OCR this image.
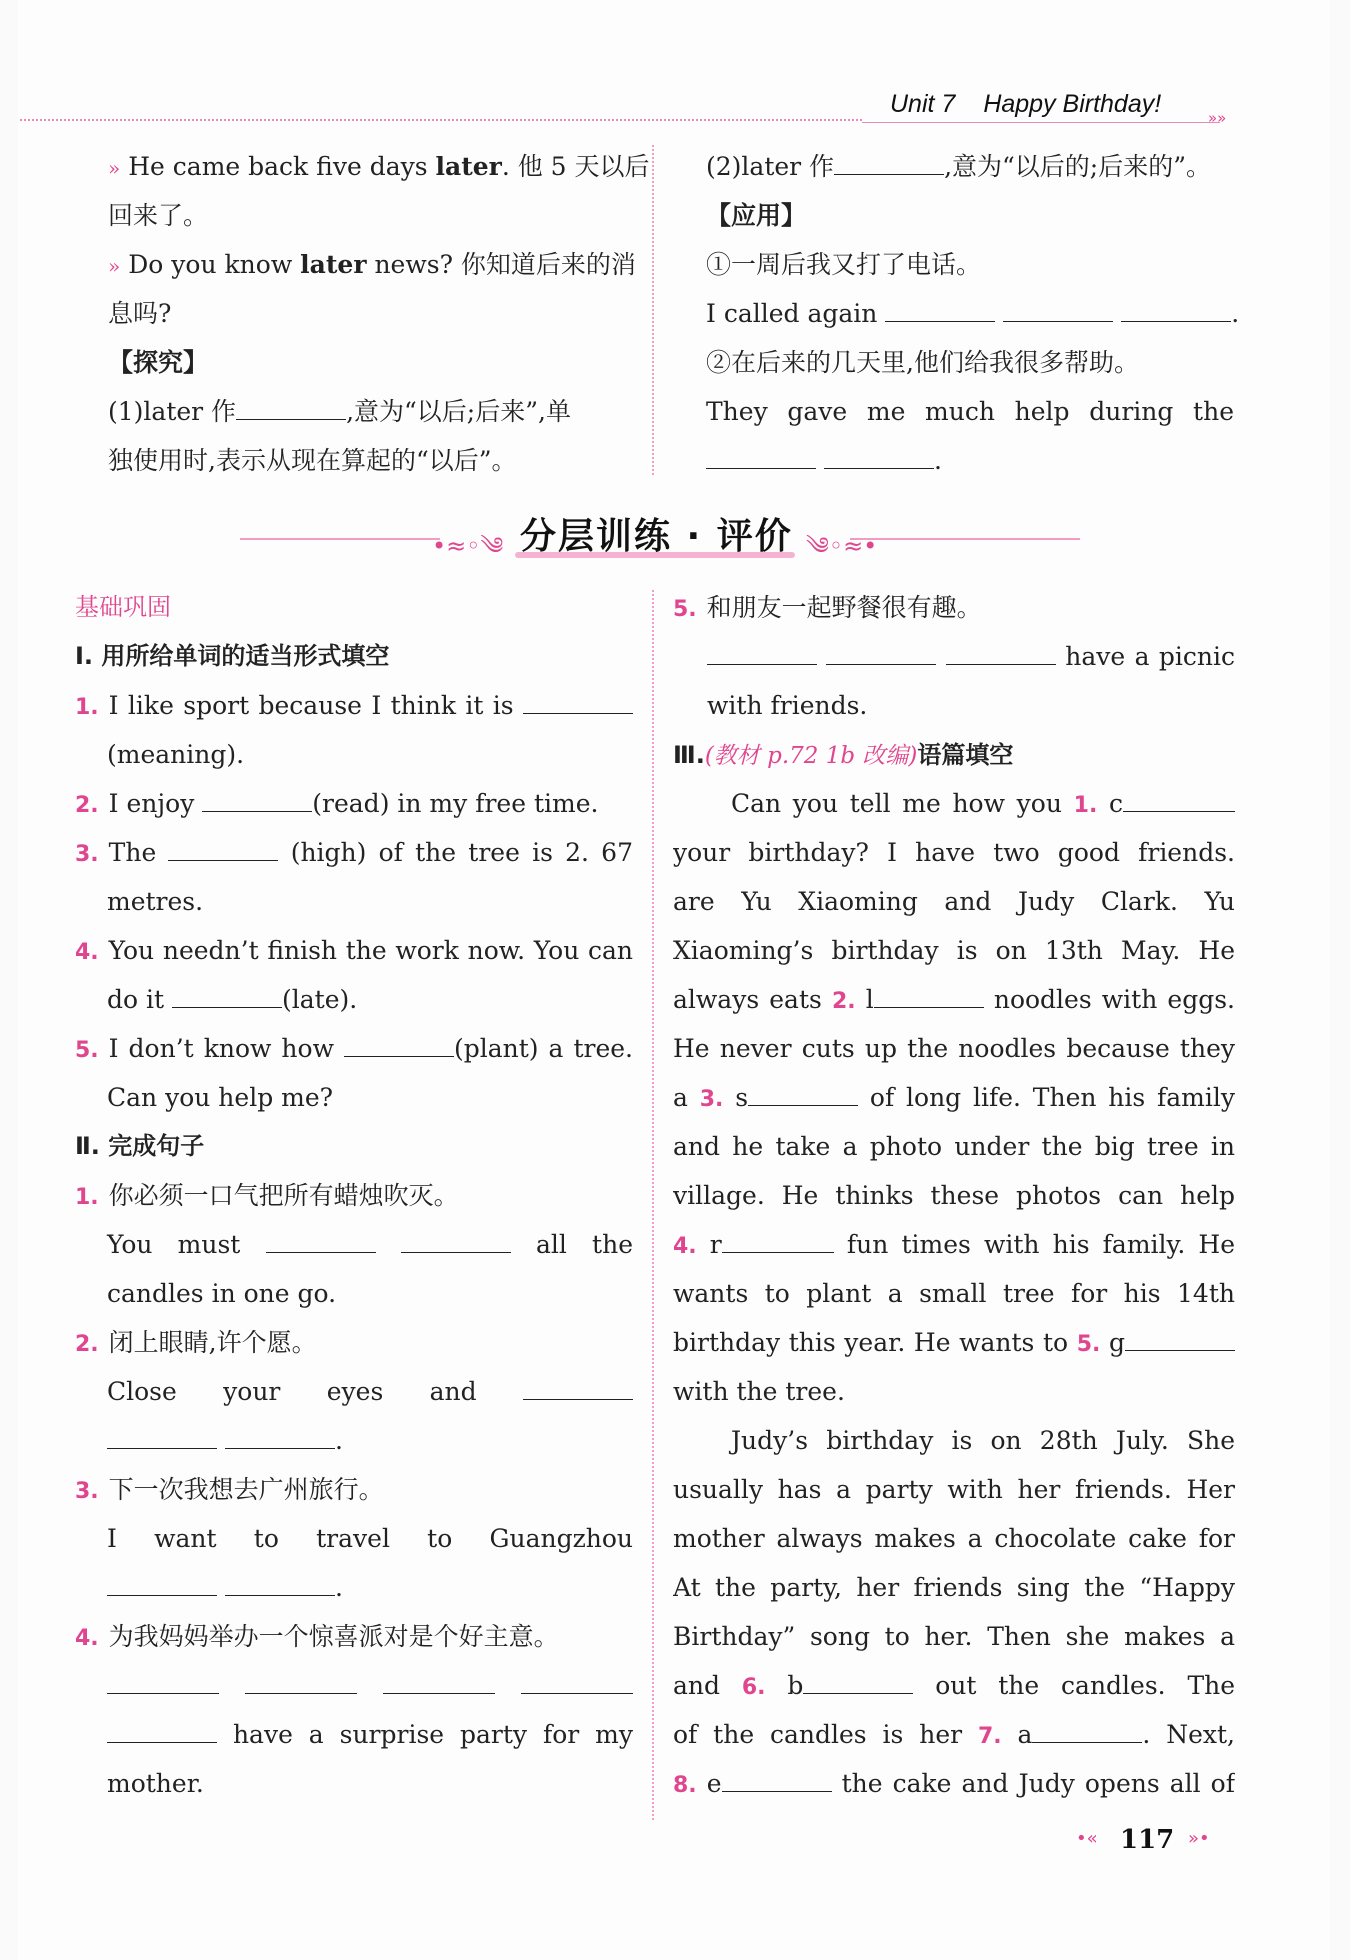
Unit 7 Happy Birthday!	»»
» He came back five days later. 他 5 天以后
回来了。
» Do you know later news? 你知道后来的消
息吗?
【探究】
(1)later 作	,意为“以后;后来”,单
独使用时,表示从现在算起的“以后”。
(2)later 作	,意为“以后的;后来的”。
【应用】
①一周后我又打了电话。
I called again	.
②在后来的几天里,他们给我很多帮助。
They gave me much help during the
.
•≈◦༄ 分层训练 · 评价 ༄◦≈•
基础巩固
Ⅰ. 用所给单词的适当形式填空
1. I like sport because I think it is
(meaning).
2. I enjoy	(read) in my free time.
3. The	(high) of the tree is 2. 67
metres.
4. You needn’t finish the work now. You can
do it	(late).
5. I don’t know how	(plant) a tree.
Can you help me?
Ⅱ. 完成句子
1. 你必须一口气把所有蜡烛吹灭。
You must	all the
candles in one go.
2. 闭上眼睛,许个愿。
Close your eyes and
.
3. 下一次我想去广州旅行。
I want to travel to Guangzhou
.
4. 为我妈妈举办一个惊喜派对是个好主意。

have a surprise party for my
mother.
5. 和朋友一起野餐很有趣。
have a picnic
with friends.
Ⅲ.(教材 p.72 1b 改编)语篇填空
Can you tell me how you 1. c
your birthday? I have two good friends.
are Yu Xiaoming and Judy Clark. Yu
Xiaoming’s birthday is on 13th May. He
always eats 2. l	noodles with eggs.
He never cuts up the noodles because they
a 3. s	of long life. Then his family
and he take a photo under the big tree in
village. He thinks these photos can help
4. r	fun times with his family. He
wants to plant a small tree for his 14th
birthday this year. He wants to 5. g
with the tree.
Judy’s birthday is on 28th July. She
usually has a party with her friends. Her
mother always makes a chocolate cake for
At the party, her friends sing the “Happy
Birthday” song to her. Then she makes a
and 6. b	out the candles. The
of the candles is her 7. a	. Next,
8. e	the cake and Judy opens all of
•« 117 »•
